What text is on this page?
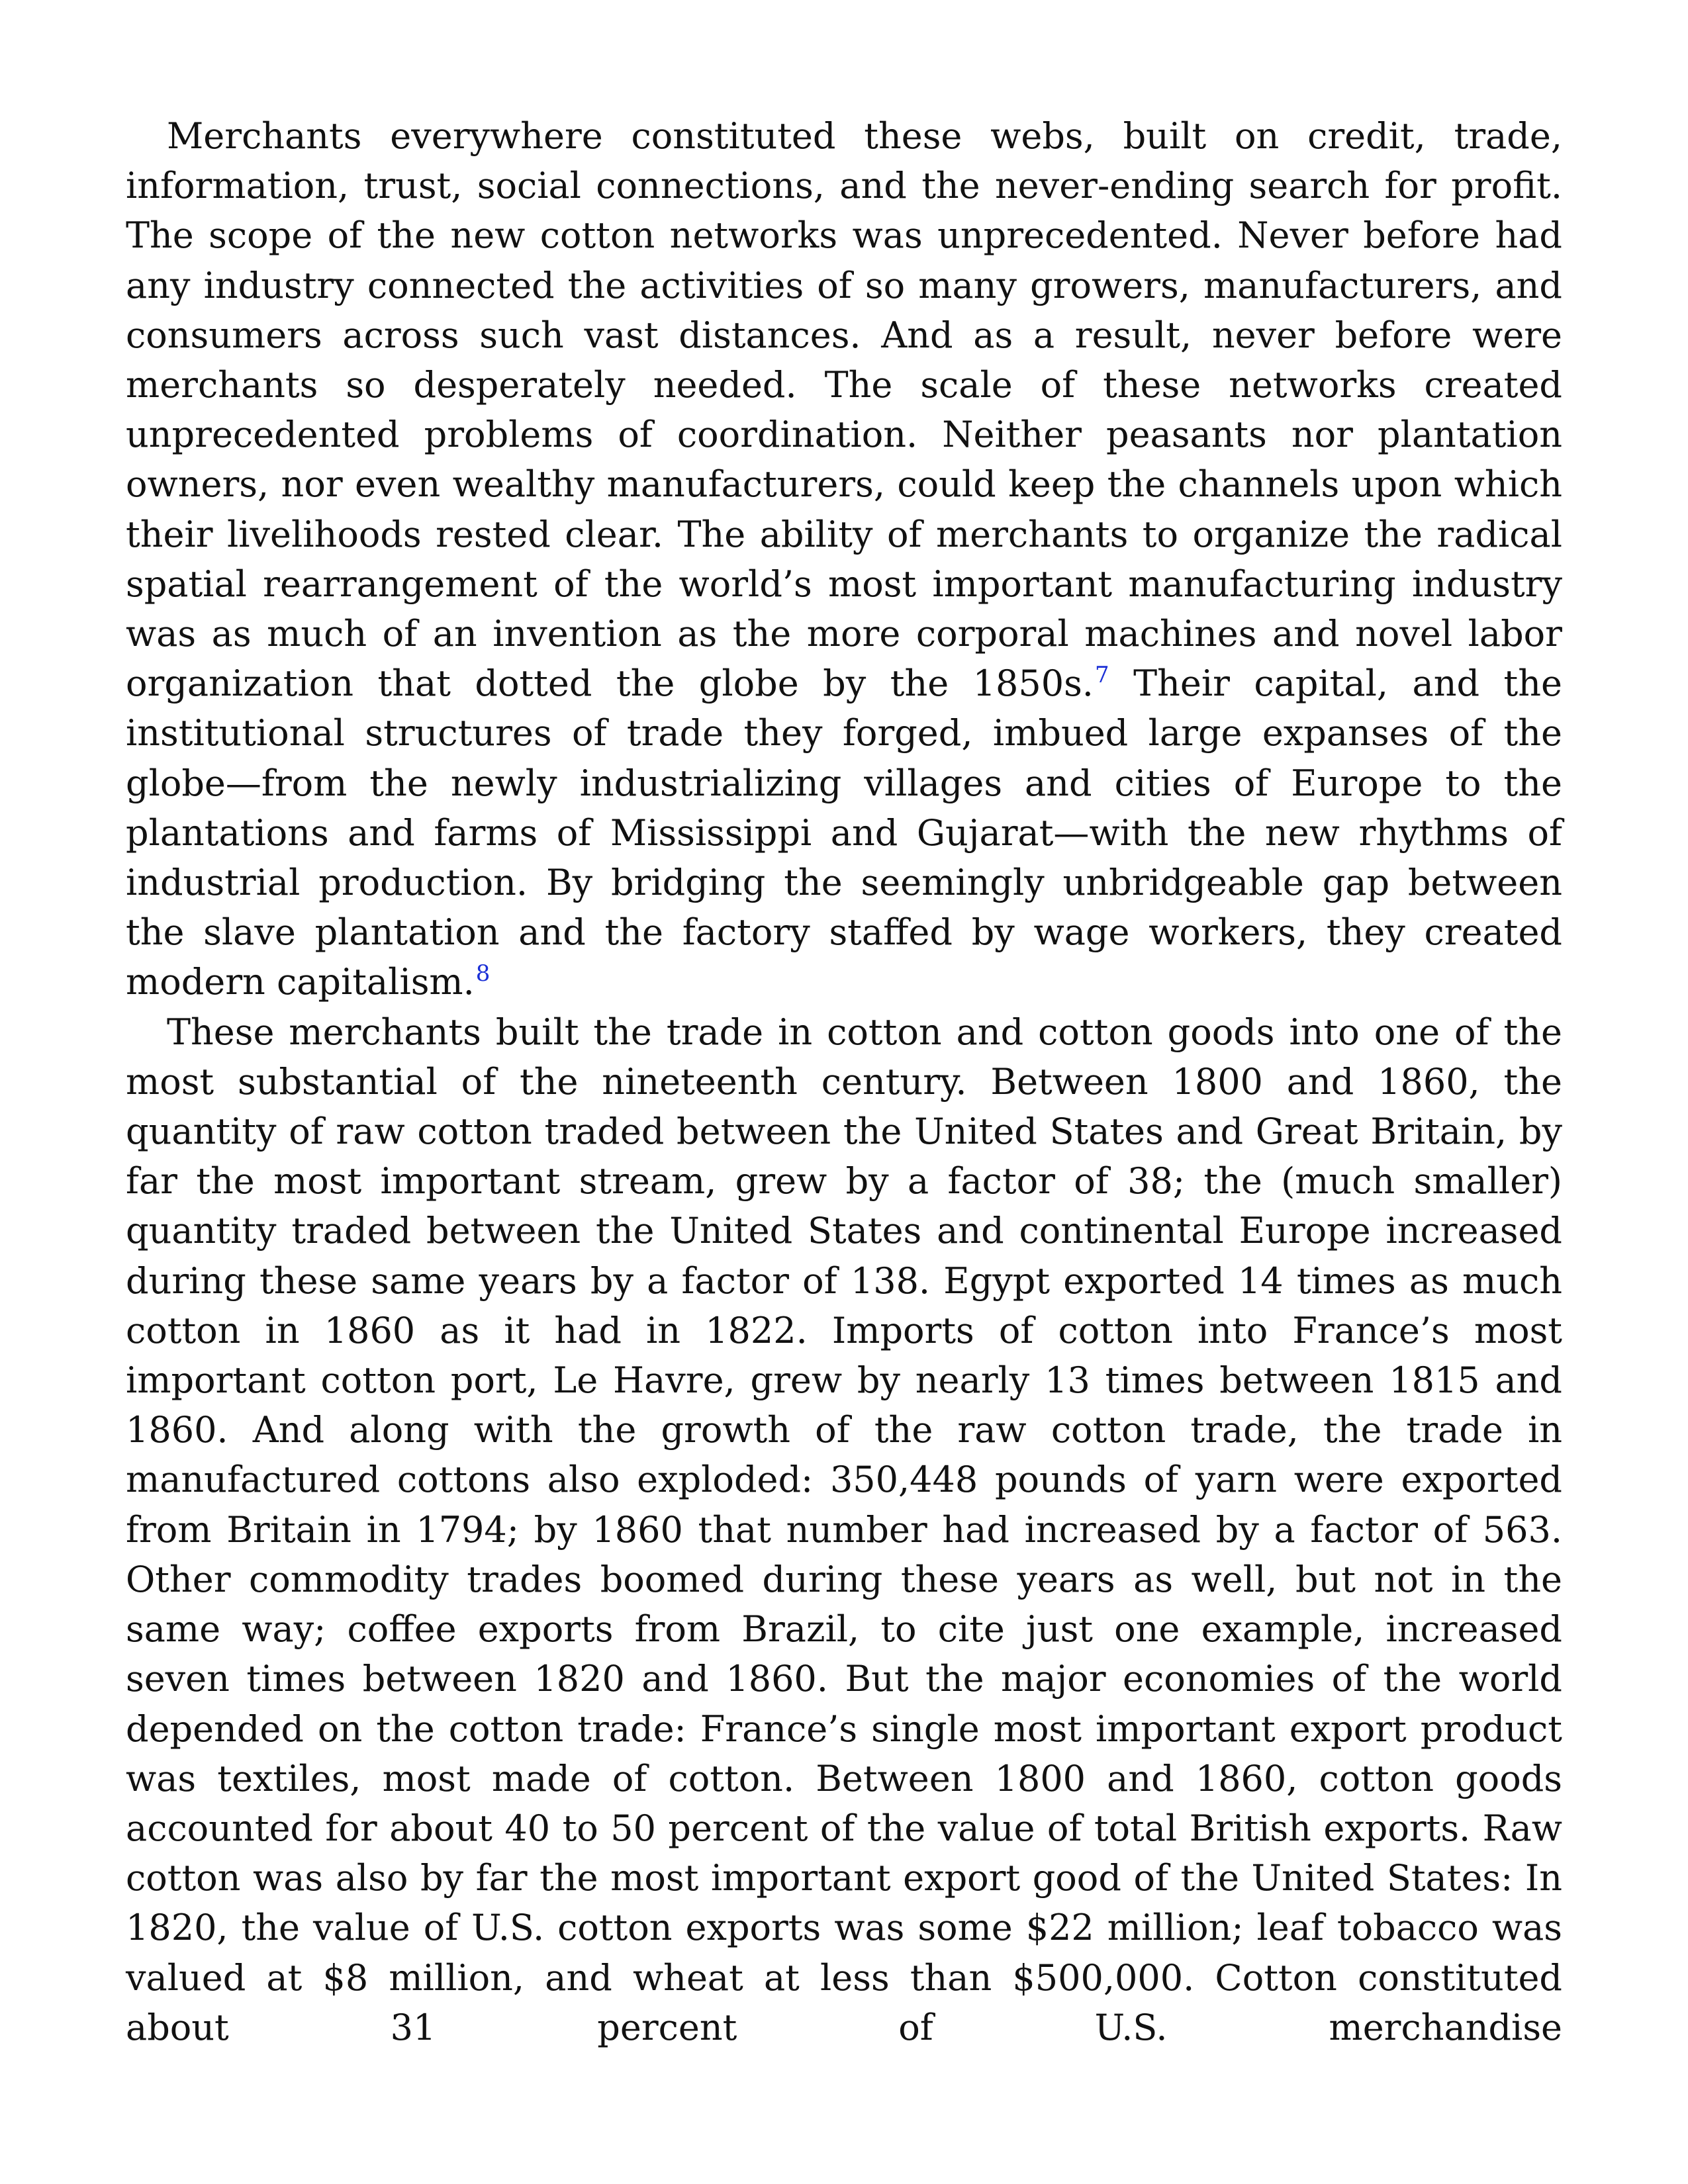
Merchants everywhere constituted these webs, built on credit, trade, information, trust, social connections, and the never-ending search for profit. The scope of the new cotton networks was unprecedented. Never before had any industry connected the activities of so many growers, manufacturers, and consumers across such vast distances. And as a result, never before were merchants so desperately needed. The scale of these networks created unprecedented problems of coordination. Neither peasants nor plantation owners, nor even wealthy manufacturers, could keep the channels upon which their livelihoods rested clear. The ability of merchants to organize the radical spatial rearrangement of the world’s most important manufacturing industry was as much of an invention as the more corporal machines and novel labor organization that dotted the globe by the 1850s.$^7$ Their capital, and the institutional structures of trade they forged, imbued large expanses of the globe—from the newly industrializing villages and cities of Europe to the plantations and farms of Mississippi and Gujarat—with the new rhythms of industrial production. By bridging the seemingly unbridgeable gap between the slave plantation and the factory staffed by wage workers, they created modern capitalism.$^8$

These merchants built the trade in cotton and cotton goods into one of the most substantial of the nineteenth century. Between 1800 and 1860, the quantity of raw cotton traded between the United States and Great Britain, by far the most important stream, grew by a factor of 38; the (much smaller) quantity traded between the United States and continental Europe increased during these same years by a factor of 138. Egypt exported 14 times as much cotton in 1860 as it had in 1822. Imports of cotton into France’s most important cotton port, Le Havre, grew by nearly 13 times between 1815 and 1860. And along with the growth of the raw cotton trade, the trade in manufactured cottons also exploded: 350,448 pounds of yarn were exported from Britain in 1794; by 1860 that number had increased by a factor of 563. Other commodity trades boomed during these years as well, but not in the same way; coffee exports from Brazil, to cite just one example, increased seven times between 1820 and 1860. But the major economies of the world depended on the cotton trade: France’s single most important export product was textiles, most made of cotton. Between 1800 and 1860, cotton goods accounted for about 40 to 50 percent of the value of total British exports. Raw cotton was also by far the most important export good of the United States: In 1820, the value of U.S. cotton exports was some $22 million; leaf tobacco was valued at $8 million, and wheat at less than $500,000. Cotton constituted about 31 percent of U.S. merchandise
